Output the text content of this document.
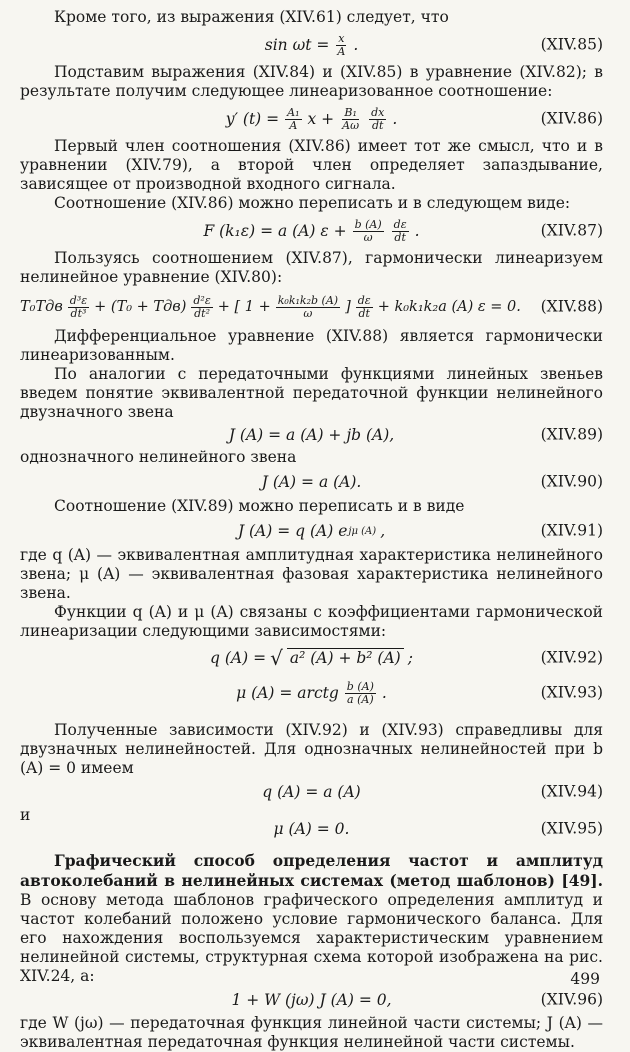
Кроме того, из выражения (XIV.61) следует, что

$\sin \omega t = \frac{x}{A}$ .	(XIV.85)

Подставим выражения (XIV.84) и (XIV.85) в уравнение (XIV.82); в результате получим следующее линеаризованное соотношение:

y′ $(t) = \frac{\text{A₁}}{A}$ $x + \frac{\text{B₁}}{A\omega} \frac{dx}{dt}$ .	(XIV.86)

Первый член соотношения (XIV.86) имеет тот же смысл, что и в уравнении (XIV.79), а второй член определяет запаздывание, зависящее от производной входного сигнала.

Соотношение (XIV.86) можно переписать и в следующем виде:

F (k₁ε) = a (A) $\varepsilon + \frac{b (A)}{\omega} \frac{d\varepsilon}{dt}$ .	(XIV.87)

Пользуясь соотношением (XIV.87), гармонически линеаризуем нелинейное уравнение (XIV.80):

$T_0Tдв \frac{\text{d³ε}}{\text{dt³}} + (T_0 + Tдв) \frac{\text{d²ε}}{\text{dt²}}$ + [ $1 + \frac{\text{k₀k₁k₂b (A)}}{\omega}$ ] $\frac{d\varepsilon}{dt} + k_0k_1k_2a$ (A) ε = 0. (XIV.88)

Дифференциальное уравнение (XIV.88) является гармонически линеаризованным.

По аналогии с передаточными функциями линейных звеньев введем понятие эквивалентной передаточной функции нелинейного двузначного звена

J (A) = a (A) + jb (A),	(XIV.89)

однозначного нелинейного звена

J (A) = a (A).	(XIV.90)

Соотношение (XIV.89) можно переписать и в виде

J (A) = q (A) e jμ (A) ,	(XIV.91)

где q (A) — эквивалентная амплитудная характеристика нелинейного звена; μ (A) — эквивалентная фазовая характеристика нелинейного звена.

Функции q (A) и μ (A) связаны с коэффициентами гармонической линеаризации следующими зависимостями:

q (A) = √ a² (A) + b² (A) ;	(XIV.92)
μ (A) = arctg $\frac{b (A)}{a (A)}$ .	(XIV.93)

Полученные зависимости (XIV.92) и (XIV.93) справедливы для двузначных нелинейностей. Для однозначных нелинейностей при b (A) = 0 имеем

q (A) = a (A)	(XIV.94)

и

μ (A) = 0.	(XIV.95)

Графический способ определения частот и амплитуд автоколебаний в нелинейных системах (метод шаблонов) [49]. В основу метода шаблонов графического определения амплитуд и частот колебаний положено условие гармонического баланса. Для его нахождения воспользуемся характеристическим уравнением нелинейной системы, структурная схема которой изображена на рис. XIV.24, а:

1 + W (jω) J (A) = 0,	(XIV.96)

где W (jω) — передаточная функция линейной части системы; J (A) — эквивалентная передаточная функция нелинейной части системы.

499
